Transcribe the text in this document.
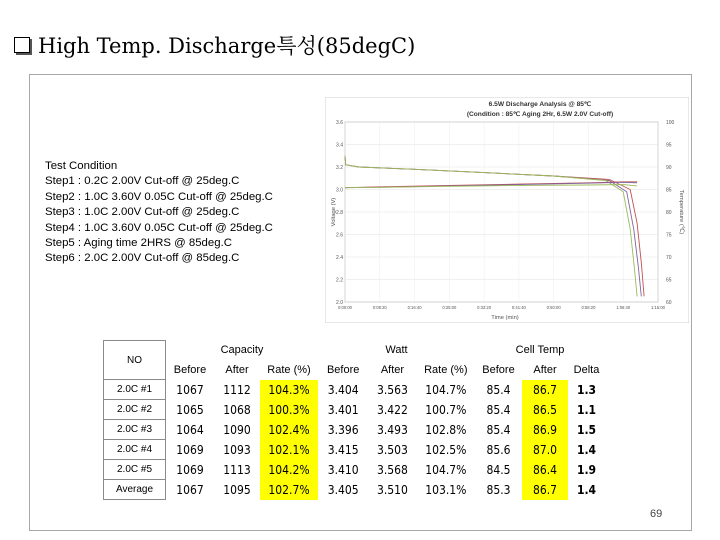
High Temp. Discharge특성(85degC)
Test Condition
Step1 : 0.2C 2.00V Cut-off @ 25deg.C
Step2 : 1.0C 3.60V 0.05C Cut-off @ 25deg.C
Step3 : 1.0C 2.00V Cut-off @ 25deg.C
Step4 : 1.0C 3.60V 0.05C Cut-off @ 25deg.C
Step5 : Aging time 2HRS @ 85deg.C
Step6 : 2.0C 2.00V Cut-off @ 85deg.C
6.5W Discharge Analysis @ 85℃
(Condition : 85℃ Aging 2Hr, 6.5W 2.0V Cut-off)
Time (min)
Voltage (V)	Temperature (℃)
3.6
3.4
3.2
3.0
2.8
2.6
2.4
2.2
2.0
100
95
90
85
80
75
70
65
60
0:00:00	0:08:20	0:16:40	0:25:00	0:33:20	0:41:40	0:50:00	0:58:20	1:06:40	1:15:00
NO	Capacity			Watt			Cell Temp		
	Before	After	Rate (%)	Before	After	Rate (%)	Before	After	Delta
2.0C #1	1067	1112	104.3%	3.404	3.563	104.7%	85.4	86.7	1.3
2.0C #2	1065	1068	100.3%	3.401	3.422	100.7%	85.4	86.5	1.1
2.0C #3	1064	1090	102.4%	3.396	3.493	102.8%	85.4	86.9	1.5
2.0C #4	1069	1093	102.1%	3.415	3.503	102.5%	85.6	87.0	1.4
2.0C #5	1069	1113	104.2%	3.410	3.568	104.7%	84.5	86.4	1.9
Average	1067	1095	102.7%	3.405	3.510	103.1%	85.3	86.7	1.4
69
